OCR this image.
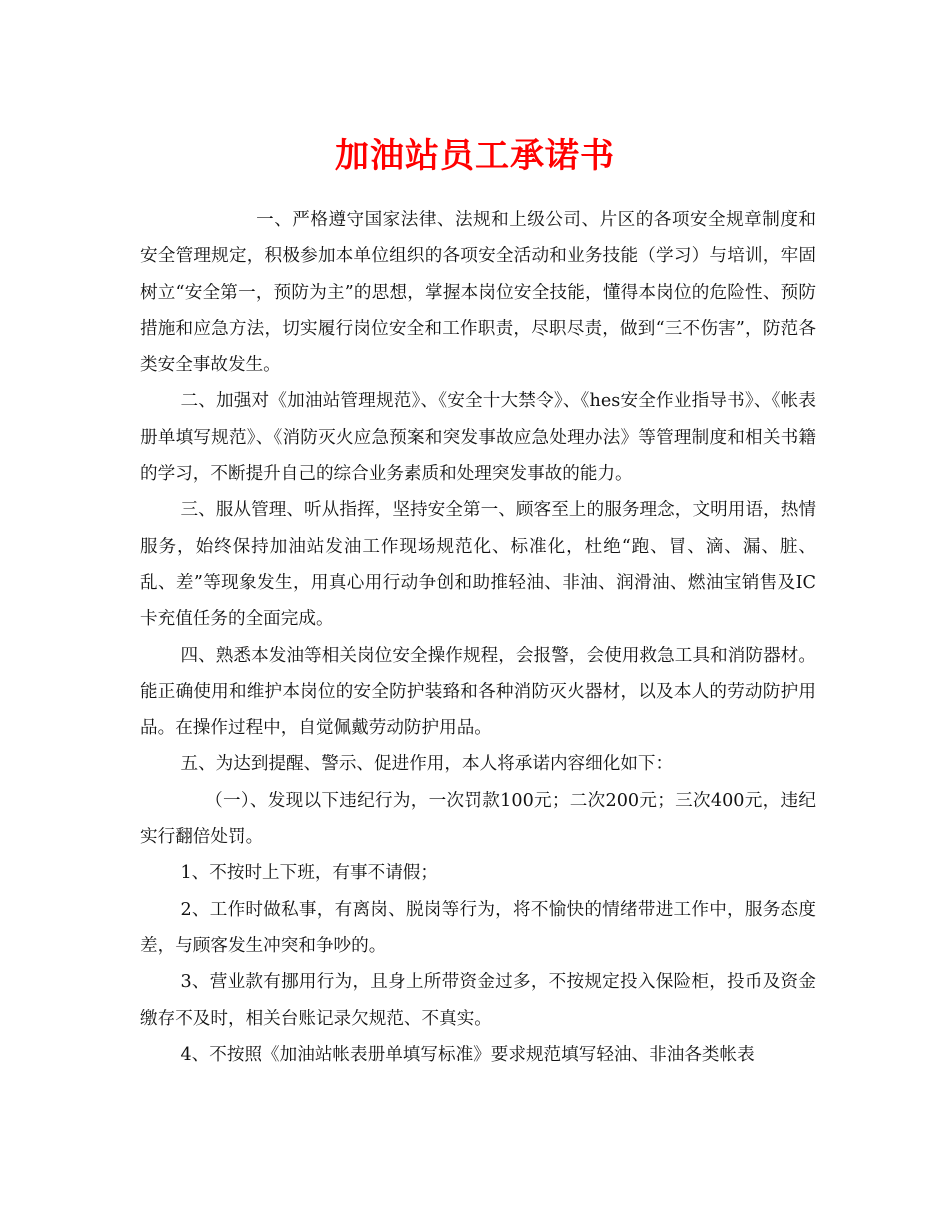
加油站员工承诺书

一、严格遵守国家法律、法规和上级公司、片区的各项安全规章制度和安全管理规定，积极参加本单位组织的各项安全活动和业务技能（学习）与培训，牢固树立“安全第一，预防为主”的思想，掌握本岗位安全技能，懂得本岗位的危险性、预防措施和应急方法，切实履行岗位安全和工作职责，尽职尽责，做到“三不伤害”，防范各类安全事故发生。

二、加强对《加油站管理规范》、《安全十大禁令》、《hes安全作业指导书》、《帐表册单填写规范》、《消防灭火应急预案和突发事故应急处理办法》等管理制度和相关书籍的学习，不断提升自己的综合业务素质和处理突发事故的能力。

三、服从管理、听从指挥，坚持安全第一、顾客至上的服务理念，文明用语，热情服务，始终保持加油站发油工作现场规范化、标准化，杜绝“跑、冒、滴、漏、脏、乱、差”等现象发生，用真心用行动争创和助推轻油、非油、润滑油、燃油宝销售及IC卡充值任务的全面完成。

四、熟悉本发油等相关岗位安全操作规程，会报警，会使用救急工具和消防器材。能正确使用和维护本岗位的安全防护装臵和各种消防灭火器材，以及本人的劳动防护用品。在操作过程中，自觉佩戴劳动防护用品。

五、为达到提醒、警示、促进作用，本人将承诺内容细化如下：

（一）、发现以下违纪行为，一次罚款100元；二次200元；三次400元，违纪实行翻倍处罚。

1、不按时上下班，有事不请假；

2、工作时做私事，有离岗、脱岗等行为，将不愉快的情绪带进工作中，服务态度差，与顾客发生冲突和争吵的。

3、营业款有挪用行为，且身上所带资金过多，不按规定投入保险柜，投币及资金缴存不及时，相关台账记录欠规范、不真实。

4、不按照《加油站帐表册单填写标准》要求规范填写轻油、非油各类帐表
